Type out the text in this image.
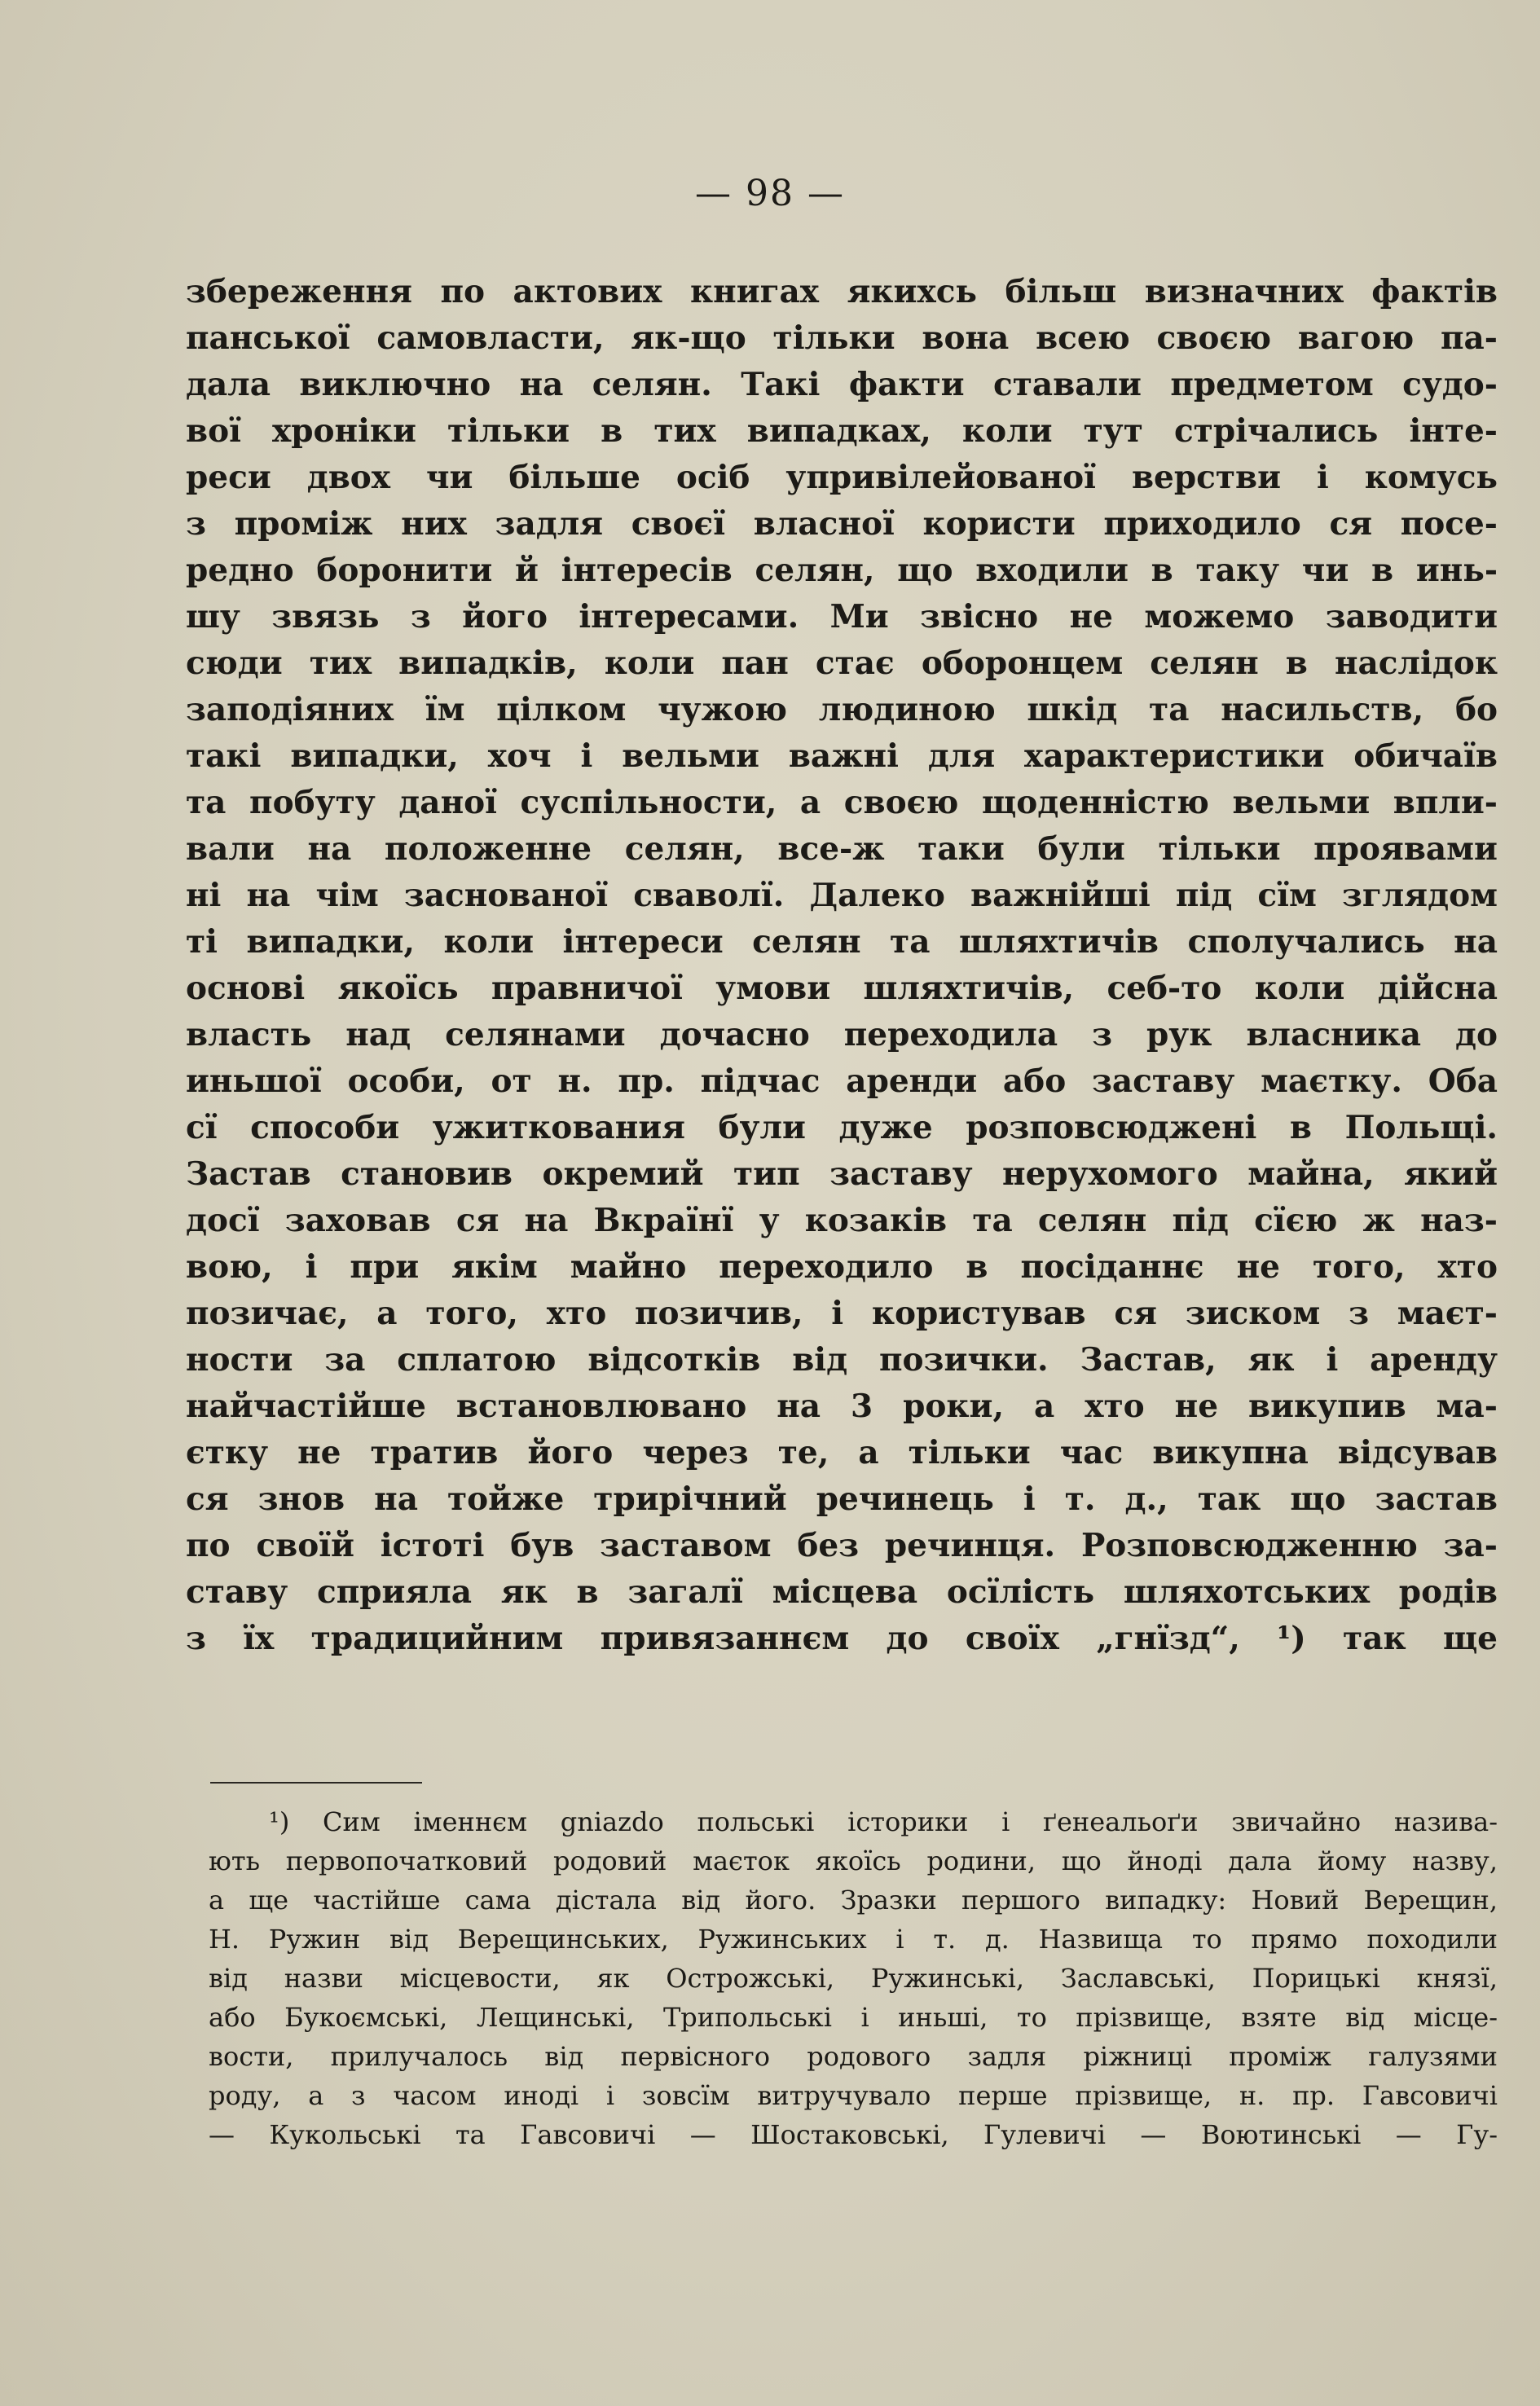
— 98 —
збереження по актових книгах якихсь більш визначних фактів
панської самовласти, як-що тільки вона всею своєю вагою па-
дала виключно на селян. Такі факти ставали предметом судо-
вої хроніки тільки в тих випадках, коли тут стрічались інте-
реси двох чи більше осіб упривілейованої верстви і комусь
з проміж них задля своєї власної користи приходило ся посе-
редно боронити й інтересів селян, що входили в таку чи в инь-
шу звязь з його інтересами. Ми звісно не можемо заводити
сюди тих випадків, коли пан стає оборонцем селян в наслідок
заподіяних їм цілком чужою людиною шкід та насильств, бо
такі випадки, хоч і вельми важні для характеристики обичаїв
та побуту даної суспільности, а своєю щоденністю вельми впли-
вали на положенне селян, все-ж таки були тільки проявами
ні на чім заснованої сваволї. Далеко важнійші під сїм зглядом
ті випадки, коли інтереси селян та шляхтичів сполучались на
основі якоїсь правничої умови шляхтичів, себ-то коли дійсна
власть над селянами дочасно переходила з рук власника до
иньшої особи, от н. пр. підчас аренди або заставу маєтку. Оба
сї способи ужиткования були дуже розповсюджені в Польщі.
Застав становив окремий тип заставу нерухомого майна, який
досї заховав ся на Вкраїнї у козаків та селян під сїєю ж наз-
вою, і при якім майно переходило в посіданнє не того, хто
позичає, а того, хто позичив, і користував ся зиском з маєт-
ности за сплатою відсотків від позички. Застав, як і аренду
найчастійше встановлювано на 3 роки, а хто не викупив ма-
єтку не тратив його через те, а тільки час викупна відсував
ся знов на тойже трирічний речинець і т. д., так що застав
по своїй істоті був заставом без речинця. Розповсюдженню за-
ставу сприяла як в загалї місцева осїлість шляхотських родів
з їх традицийним привязаннєм до своїх „гнїзд“, ¹) так ще
¹) Сим іменнєм gniazdo польські історики і ґенеальоґи звичайно назива-
ють первопочатковий родовий маєток якоїсь родини, що йноді дала йому назву,
а ще частійше сама дістала від його. Зразки першого випадку: Новий Верещин,
Н. Ружин від Верещинських, Ружинських і т. д. Назвища то прямо походили
від назви місцевости, як Острожські, Ружинські, Заславські, Порицькі князї,
або Букоємські, Лещинські, Трипольські і иньші, то прізвище, взяте від місце-
вости, прилучалось від первісного родового задля ріжниці проміж галузями
роду, а з часом иноді і зовсїм витручувало перше прізвище, н. пр. Гавсовичі
— Кукольські та Гавсовичі — Шостаковські, Гулевичі — Воютинські — Гу-
